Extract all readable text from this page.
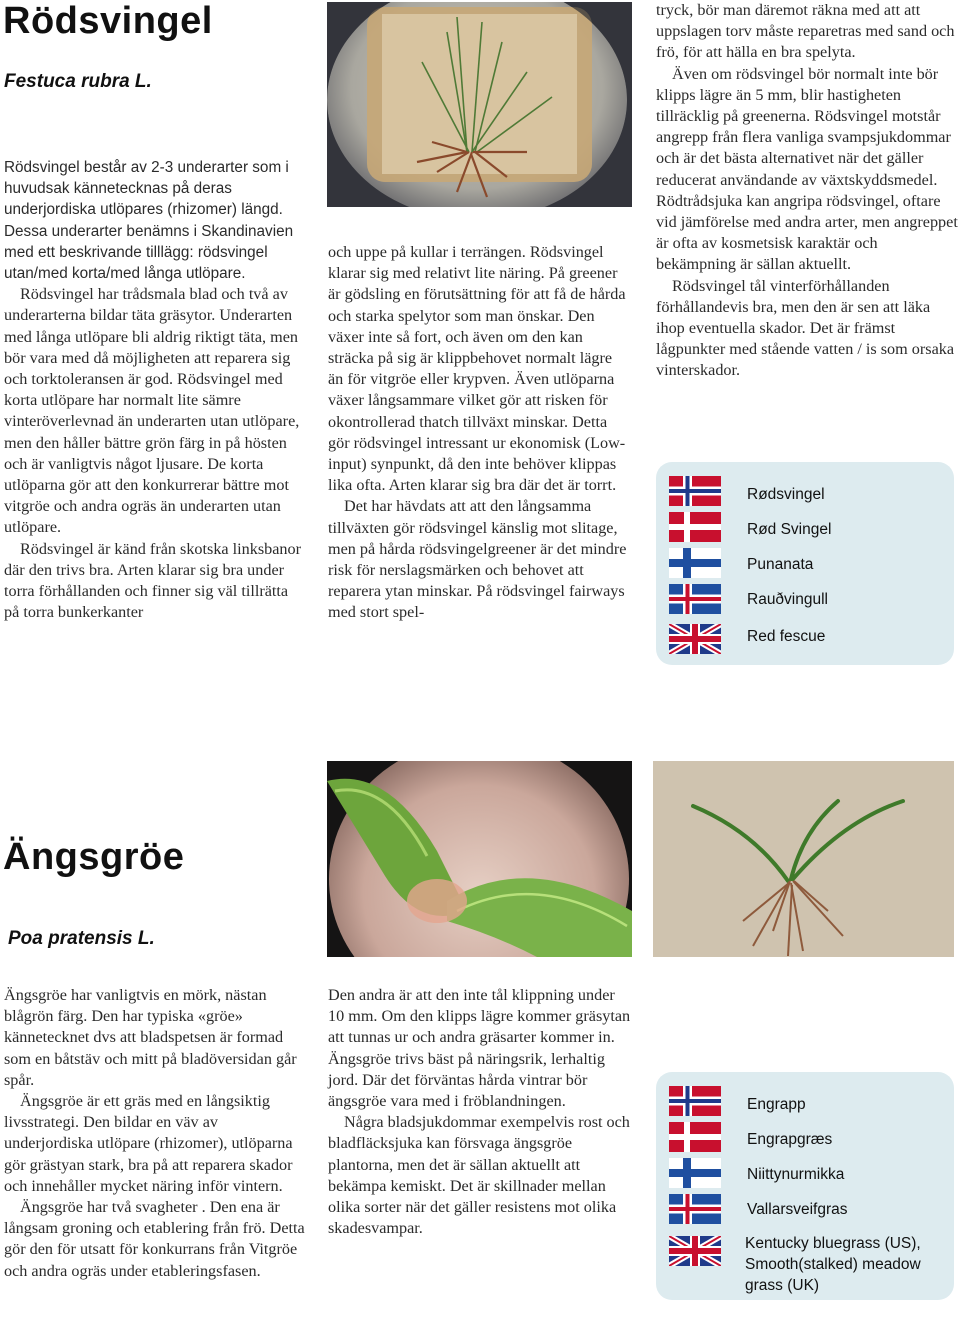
Rödsvingel
Festuca rubra L.

Rödsvingel består av 2-3 underarter som i huvudsak kännetecknas på deras underjordiska utlöpares (rhizomer) längd. Dessa underarter benämns i Skandinavien med ett beskrivande tilllägg: rödsvingel utan/med korta/med långa utlöpare.

Rödsvingel har trådsmala blad och två av underarterna bildar täta gräsytor. Underarten med långa utlöpare bli aldrig riktigt täta, men bör vara med då möjligheten att reparera sig och torktoleransen är god. Rödsvingel med korta utlöpare har normalt lite sämre vinteröverlevnad än underarten utan utlöpare, men den håller bättre grön färg in på hösten och är vanligtvis något ljusare. De korta utlöparna gör att den konkurrerar bättre mot vitgröe och andra ogräs än underarten utan utlöpare.

Rödsvingel är känd från skotska linksbanor där den trivs bra. Arten klarar sig bra under torra förhållanden och finner sig väl tillrätta på torra bunkerkanter

och uppe på kullar i terrängen. Rödsvingel klarar sig med relativt lite näring. På greener är gödsling en förutsättning för att få de hårda och starka spelytor som man önskar. Den växer inte så fort, och även om den kan sträcka på sig är klippbehovet normalt lägre än för vitgröe eller krypven. Även utlöparna växer långsammare vilket gör att risken för okontrollerad thatch tillväxt minskar. Detta gör rödsvingel intressant ur ekonomisk (Low-input) synpunkt, då den inte behöver klippas lika ofta. Arten klarar sig bra där det är torrt.

Det har hävdats att att den långsamma tillväxten gör rödsvingel känslig mot slitage, men på hårda rödsvingelgreener är det mindre risk för nerslagsmärken och behovet att reparera ytan minskar. På rödsvingel fairways med stort spel-

tryck, bör man däremot räkna med att att uppslagen torv måste reparetras med sand och frö, för att hälla en bra spelyta.

Även om rödsvingel bör normalt inte bör klipps lägre än 5 mm, blir hastigheten tillräcklig på greenerna. Rödsvingel motstår angrepp från flera vanliga svampsjukdommar och är det bästa alternativet när det gäller reducerat användande av växtskyddsmedel. Rödtrådsjuka kan angripa rödsvingel, oftare vid jämförelse med andra arter, men angreppet är ofta av kosmetsisk karaktär och bekämpning är sällan aktuellt.

Rödsvingel tål vinterförhållanden förhållandevis bra, men den är sen att läka ihop eventuella skador. Det är främst lågpunkter med stående vatten / is som orsaka vinterskador.

Rødsvingel
Rød Svingel
Punanata
Rauðvingull
Red fescue
Ängsgröe
Poa pratensis L.

Ängsgröe har vanligtvis en mörk, nästan blågrön färg. Den har typiska «gröe» kännetecknet dvs att bladspetsen är formad som en båtstäv och mitt på bladöversidan går spår.

Ängsgröe är ett gräs med en långsiktig livsstrategi. Den bildar en väv av underjordiska utlöpare (rhizomer), utlöparna gör grästyan stark, bra på att reparera skador och innehåller mycket näring inför vintern.

Ängsgröe har två svagheter . Den ena är långsam groning och etablering från frö. Detta gör den för utsatt för konkurrans från Vitgröe och andra ogräs under etableringsfasen.

Den andra är att den inte tål klippning under 10 mm. Om den klipps lägre kommer gräsytan att tunnas ur och andra gräsarter kommer in. Ängsgröe trivs bäst på näringsrik, lerhaltig jord. Där det förväntas hårda vintrar bör ängsgröe vara med i fröblandningen.

Några bladsjukdommar exempelvis rost och bladfläcksjuka kan försvaga ängsgröe plantorna, men det är sällan aktuellt att bekämpa kemiskt. Det är skillnader mellan olika sorter när det gäller resistens mot olika skadesvampar.

Engrapp
Engrapgræs
Niittynurmikka
Vallarsveifgras
Kentucky bluegrass (US), Smooth(stalked) meadow grass (UK)
